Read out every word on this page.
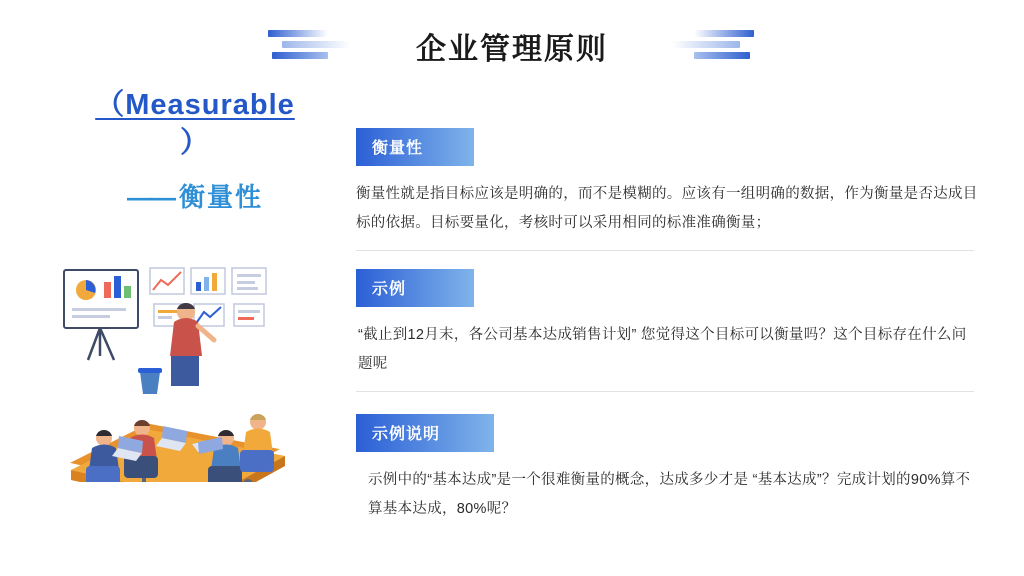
企业管理原则
（Measurable
）
—— 衡量性
衡量性
衡量性就是指目标应该是明确的，而不是模糊的。应该有一组明确的数据，作为衡量是否达成目标的依据。目标要量化，考核时可以采用相同的标准准确衡量；
示例
“截止到12月末，各公司基本达成销售计划” 您觉得这个目标可以衡量吗？这个目标存在什么问题呢
示例说明
示例中的“基本达成”是一个很难衡量的概念，达成多少才是 “基本达成”？完成计划的90%算不算基本达成，80%呢？
